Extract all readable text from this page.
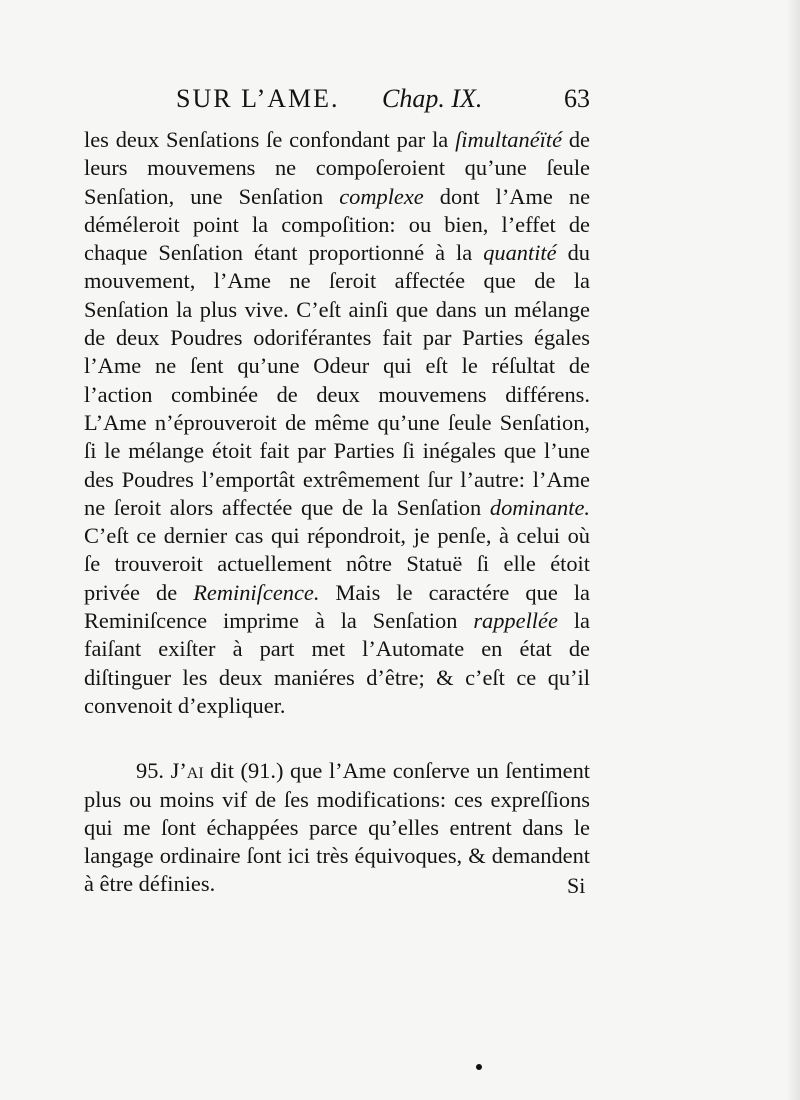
SUR L’AME. Chap. IX.	63

les deux Senſations ſe confondant par la ſimultanéïté de leurs mouvemens ne compoſeroient qu’une ſeule Senſation, une Senſation complexe dont l’Ame ne déméleroit point la compoſition: ou bien, l’effet de chaque Senſation étant proportionné à la quantité du mouvement, l’Ame ne ſeroit affectée que de la Senſation la plus vive. C’eſt ainſi que dans un mélange de deux Poudres odoriférantes fait par Parties égales l’Ame ne ſent qu’une Odeur qui eſt le réſultat de l’action combinée de deux mouvemens différens. L’Ame n’éprouveroit de même qu’une ſeule Senſation, ſi le mélange étoit fait par Parties ſi inégales que l’une des Poudres l’emportât extrêmement ſur l’autre: l’Ame ne ſeroit alors affectée que de la Senſation dominante. C’eſt ce dernier cas qui répondroit, je penſe, à celui où ſe trouveroit actuellement nôtre Statuë ſi elle étoit privée de Reminiſcence. Mais le caractére que la Reminiſcence imprime à la Senſation rappellée la faiſant exiſter à part met l’Automate en état de diſtinguer les deux maniéres d’être; & c’eſt ce qu’il convenoit d’expliquer.

95. J’ai dit (91.) que l’Ame conſerve un ſentiment plus ou moins vif de ſes modifications: ces expreſſions qui me ſont échappées parce qu’elles entrent dans le langage ordinaire ſont ici très équivoques, & demandent à être définies.	Si
